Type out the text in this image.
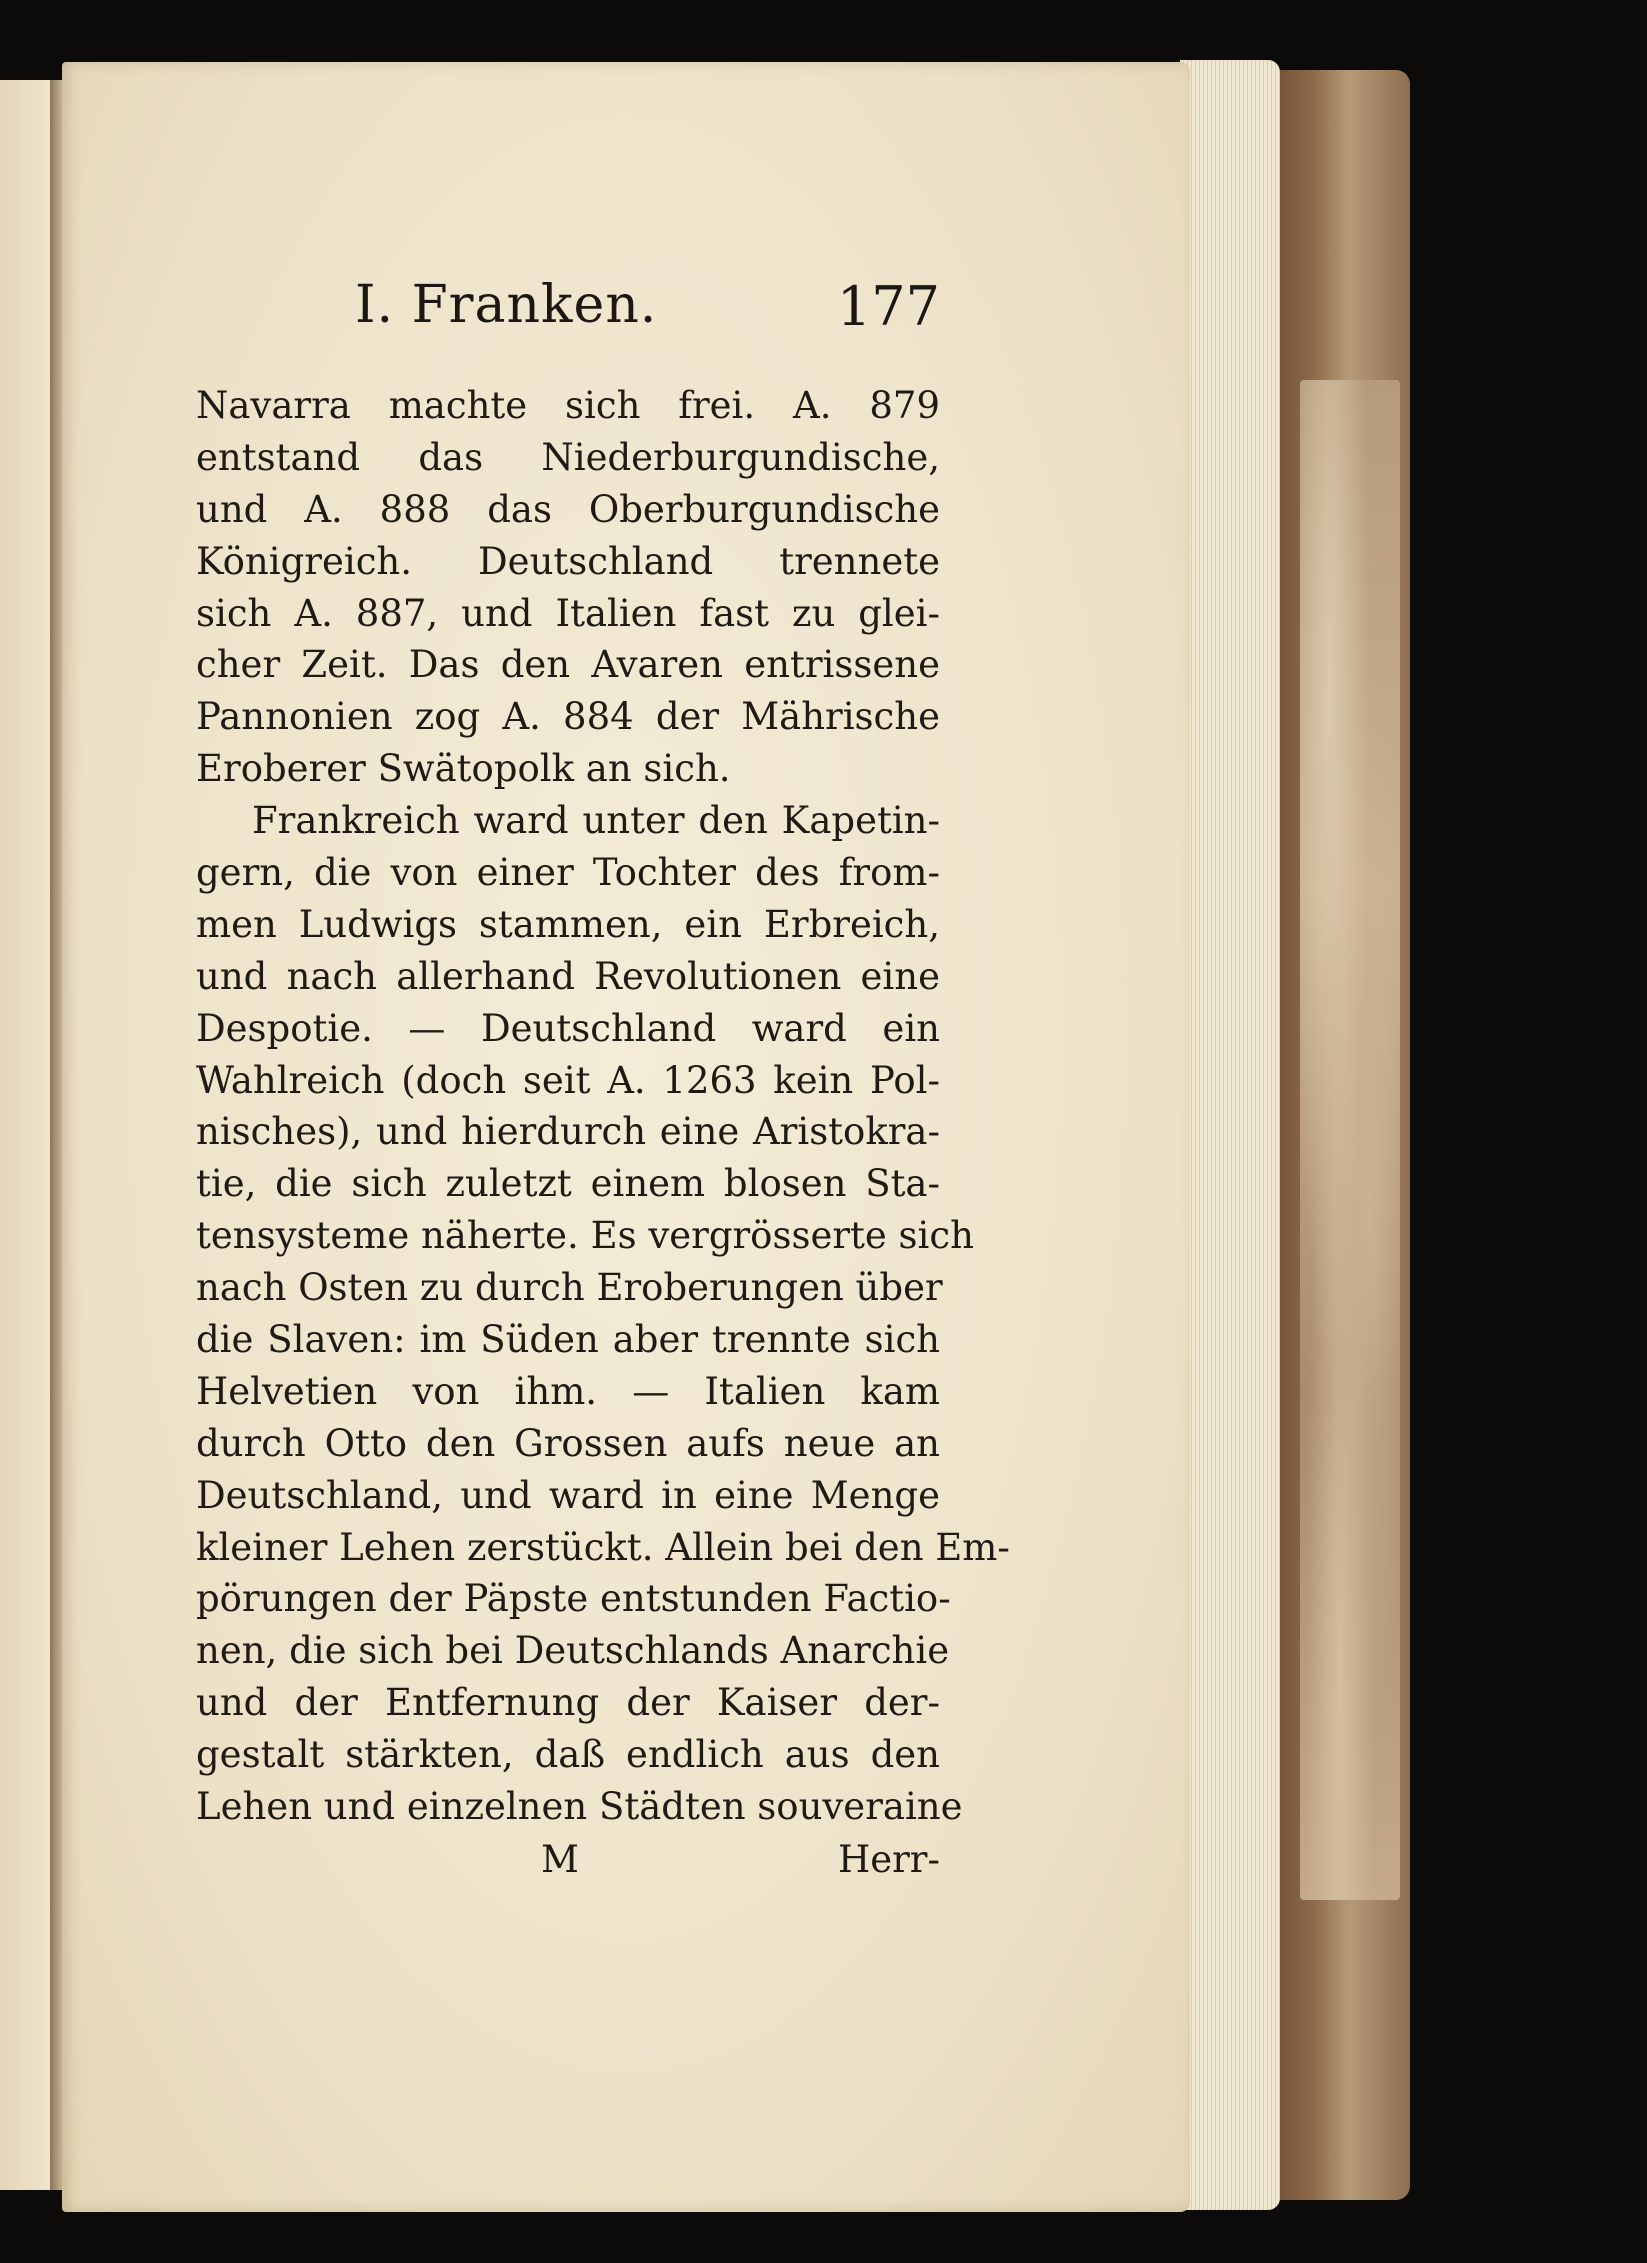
I. Franken.	177
Navarra machte sich frei. A. 879
entstand das Niederburgundische,
und A. 888 das Oberburgundische
Königreich. Deutschland trennete
sich A. 887, und Italien fast zu glei-
cher Zeit. Das den Avaren entrissene
Pannonien zog A. 884 der Mährische
Eroberer Swätopolk an sich.
Frankreich ward unter den Kapetin-
gern, die von einer Tochter des from-
men Ludwigs stammen, ein Erbreich,
und nach allerhand Revolutionen eine
Despotie. — Deutschland ward ein
Wahlreich (doch seit A. 1263 kein Pol-
nisches), und hierdurch eine Aristokra-
tie, die sich zuletzt einem blosen Sta-
tensysteme näherte. Es vergrösserte sich
nach Osten zu durch Eroberungen über
die Slaven: im Süden aber trennte sich
Helvetien von ihm. — Italien kam
durch Otto den Grossen aufs neue an
Deutschland, und ward in eine Menge
kleiner Lehen zerstückt. Allein bei den Em-
pörungen der Päpste entstunden Factio-
nen, die sich bei Deutschlands Anarchie
und der Entfernung der Kaiser der-
gestalt stärkten, daß endlich aus den
Lehen und einzelnen Städten souveraine
M	Herr-
